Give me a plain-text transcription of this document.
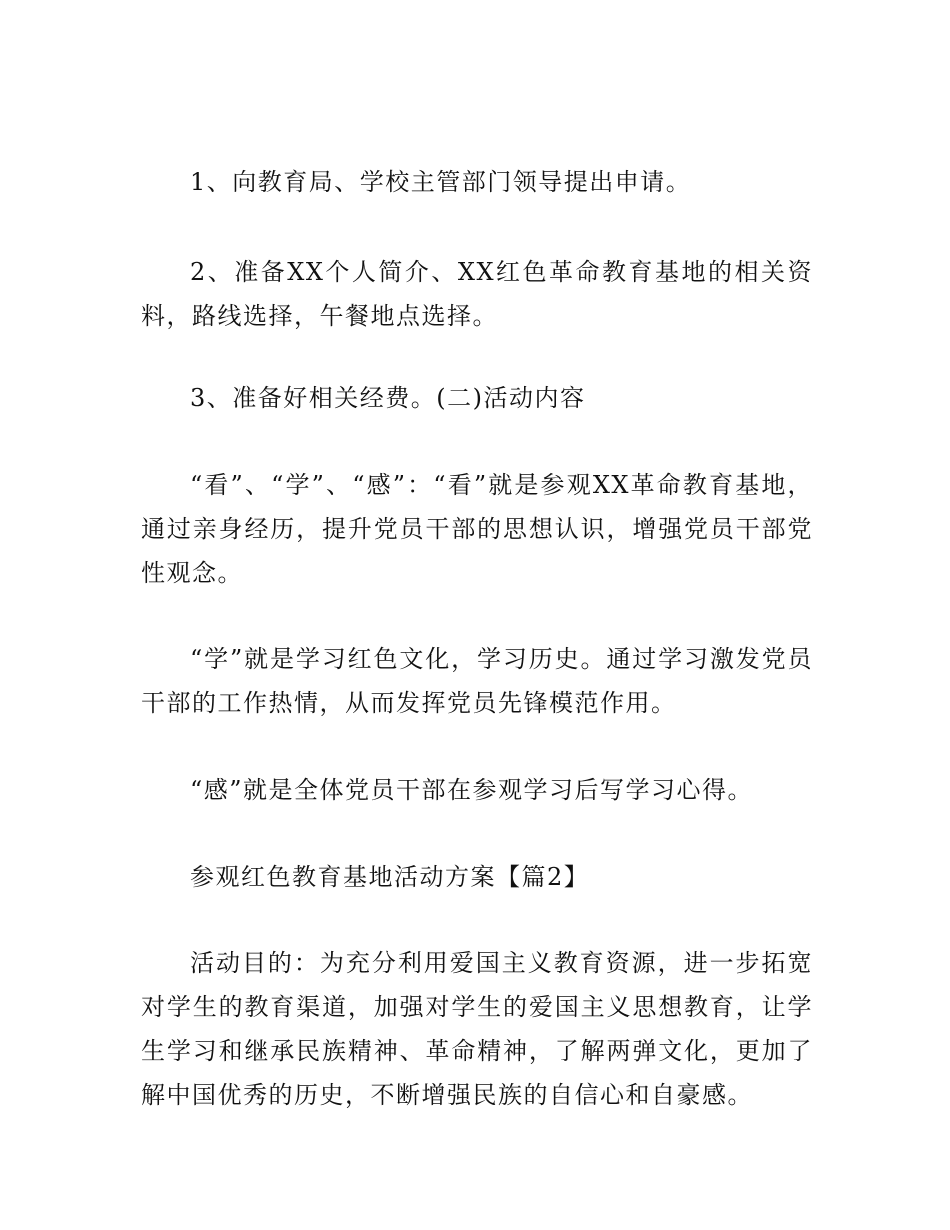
1、向教育局、学校主管部门领导提出申请。

2、准备XX个人简介、XX红色革命教育基地的相关资料，路线选择，午餐地点选择。

3、准备好相关经费。(二)活动内容

“看”、“学”、“感”：“看”就是参观XX革命教育基地，通过亲身经历，提升党员干部的思想认识，增强党员干部党性观念。

“学”就是学习红色文化，学习历史。通过学习激发党员干部的工作热情，从而发挥党员先锋模范作用。

“感”就是全体党员干部在参观学习后写学习心得。

参观红色教育基地活动方案【篇2】

活动目的：为充分利用爱国主义教育资源，进一步拓宽对学生的教育渠道，加强对学生的爱国主义思想教育，让学生学习和继承民族精神、革命精神，了解两弹文化，更加了解中国优秀的历史，不断增强民族的自信心和自豪感。
